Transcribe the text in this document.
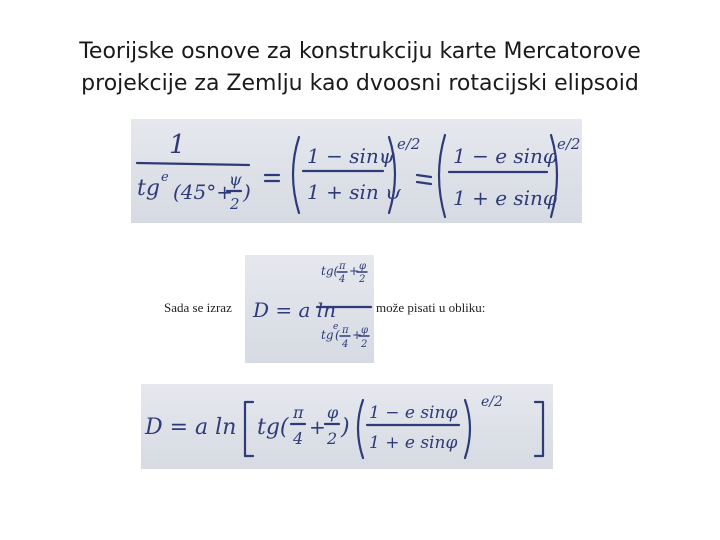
Teorijske osnove za konstrukciju karte Mercatorove
projekcije za Zemlju kao dvoosni rotacijski elipsoid
1
tg e
(45°+
ψ
2 )
1 − sinψ
1 + sin ψ
e/2 1 − e sinφ
1 + e sinφ
e/2
Sada se izraz D = a ln
tg( π
4
+ φ
2
tg
e
( π
4
+
φ
2
može pisati u obliku:
D = a ln tg(
π
4 +
φ
2 )
1 − e sinφ
1 + e sinφ
e/2
